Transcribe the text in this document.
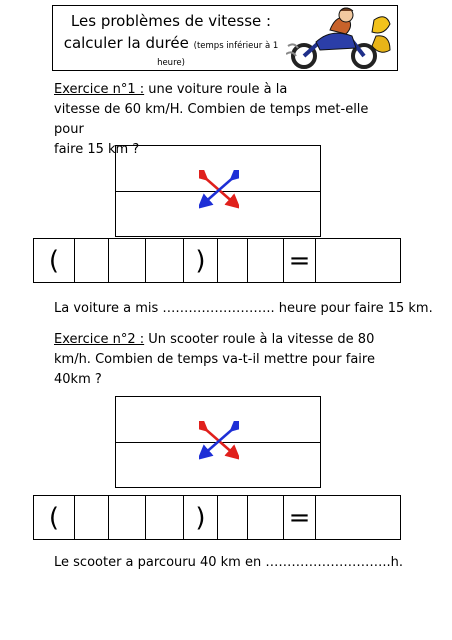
Les problèmes de vitesse :
calculer la durée (temps inférieur à 1
heure)
Exercice n°1 : une voiture roule à la
vitesse de 60 km/H. Combien de temps met-elle pour
faire 15 km ?
(	)	=
La voiture a mis …………………….. heure pour faire 15 km.
Exercice n°2 : Un scooter roule à la vitesse de 80
km/h. Combien de temps va-t-il mettre pour faire
40km ?
(	)	=
Le scooter a parcouru 40 km en ………………………..h.
